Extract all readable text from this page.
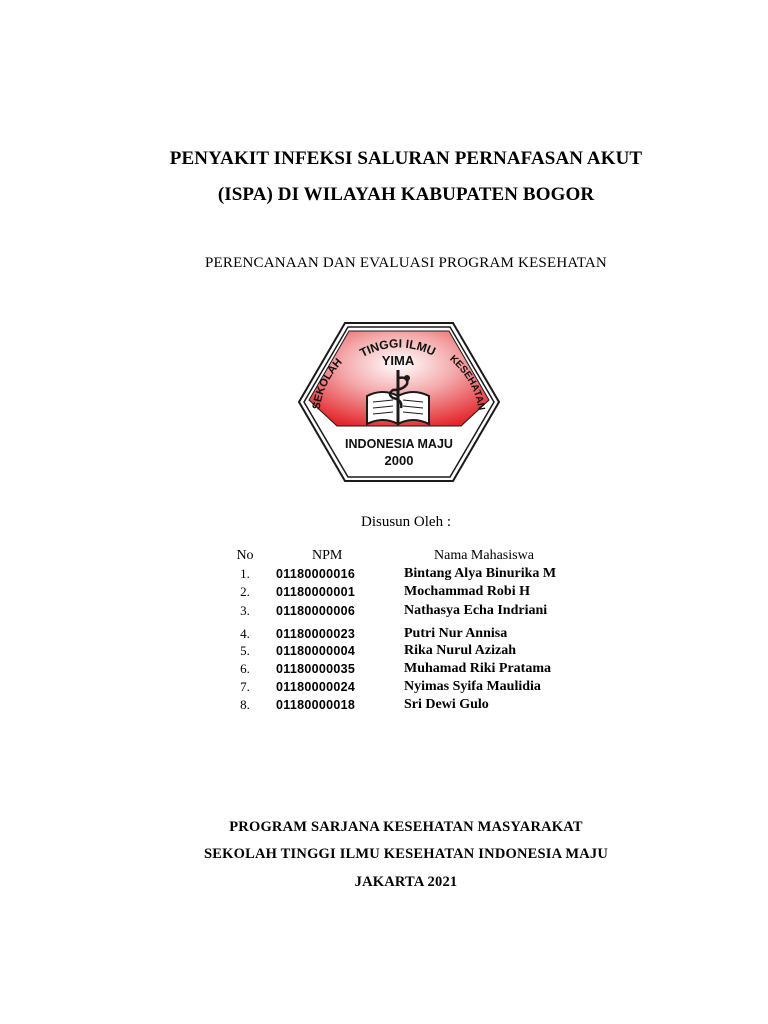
PENYAKIT INFEKSI SALURAN PERNAFASAN AKUT
(ISPA) DI WILAYAH KABUPATEN BOGOR
PERENCANAAN DAN EVALUASI PROGRAM KESEHATAN
TINGGI ILMU
SEKOLAH	KESEHATAN
YIMA
INDONESIA MAJU
2000
Disusun Oleh :
No	NPM	Nama Mahasiswa
1.	01180000016	Bintang Alya Binurika M
2.	01180000001	Mochammad Robi H
3.	01180000006	Nathasya Echa Indriani
4.	01180000023	Putri Nur Annisa
5.	01180000004	Rika Nurul Azizah
6.	01180000035	Muhamad Riki Pratama
7.	01180000024	Nyimas Syifa Maulidia
8.	01180000018	Sri Dewi Gulo
PROGRAM SARJANA KESEHATAN MASYARAKAT
SEKOLAH TINGGI ILMU KESEHATAN INDONESIA MAJU
JAKARTA 2021
